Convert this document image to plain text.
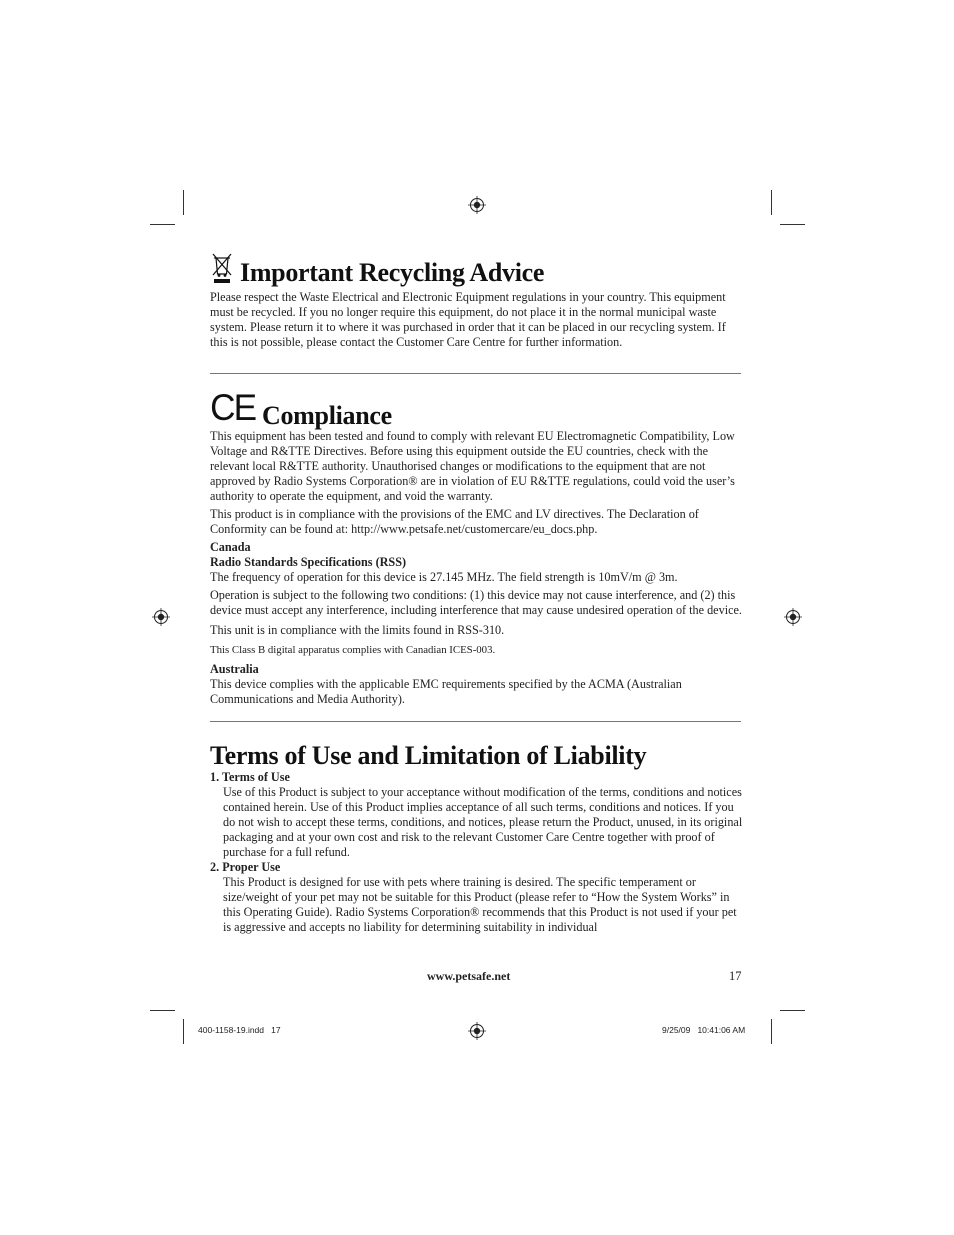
Important Recycling Advice

Please respect the Waste Electrical and Electronic Equipment regulations in your country. This equipment must be recycled. If you no longer require this equipment, do not place it in the normal municipal waste system. Please return it to where it was purchased in order that it can be placed in our recycling system. If this is not possible, please contact the Customer Care Centre for further information.

CE Compliance

This equipment has been tested and found to comply with relevant EU Electromagnetic Compatibility, Low Voltage and R&TTE Directives. Before using this equipment outside the EU countries, check with the relevant local R&TTE authority. Unauthorised changes or modifications to the equipment that are not approved by Radio Systems Corporation® are in violation of EU R&TTE regulations, could void the user’s authority to operate the equipment, and void the warranty.

This product is in compliance with the provisions of the EMC and LV directives. The Declaration of Conformity can be found at: http://www.petsafe.net/customercare/eu_docs.php.

Canada

Radio Standards Specifications (RSS)

The frequency of operation for this device is 27.145 MHz. The field strength is 10mV/m @ 3m.

Operation is subject to the following two conditions: (1) this device may not cause interference, and (2) this device must accept any interference, including interference that may cause undesired operation of the device.

This unit is in compliance with the limits found in RSS-310.

This Class B digital apparatus complies with Canadian ICES-003.

Australia

This device complies with the applicable EMC requirements specified by the ACMA (Australian Communications and Media Authority).

Terms of Use and Limitation of Liability

1. Terms of Use

Use of this Product is subject to your acceptance without modification of the terms, conditions and notices contained herein. Use of this Product implies acceptance of all such terms, conditions and notices. If you do not wish to accept these terms, conditions, and notices, please return the Product, unused, in its original packaging and at your own cost and risk to the relevant Customer Care Centre together with proof of purchase for a full refund.

2. Proper Use

This Product is designed for use with pets where training is desired. The specific temperament or size/weight of your pet may not be suitable for this Product (please refer to “How the System Works” in this Operating Guide). Radio Systems Corporation® recommends that this Product is not used if your pet is aggressive and accepts no liability for determining suitability in individual

www.petsafe.net	17
400-1158-19.indd   17	9/25/09   10:41:06 AM
